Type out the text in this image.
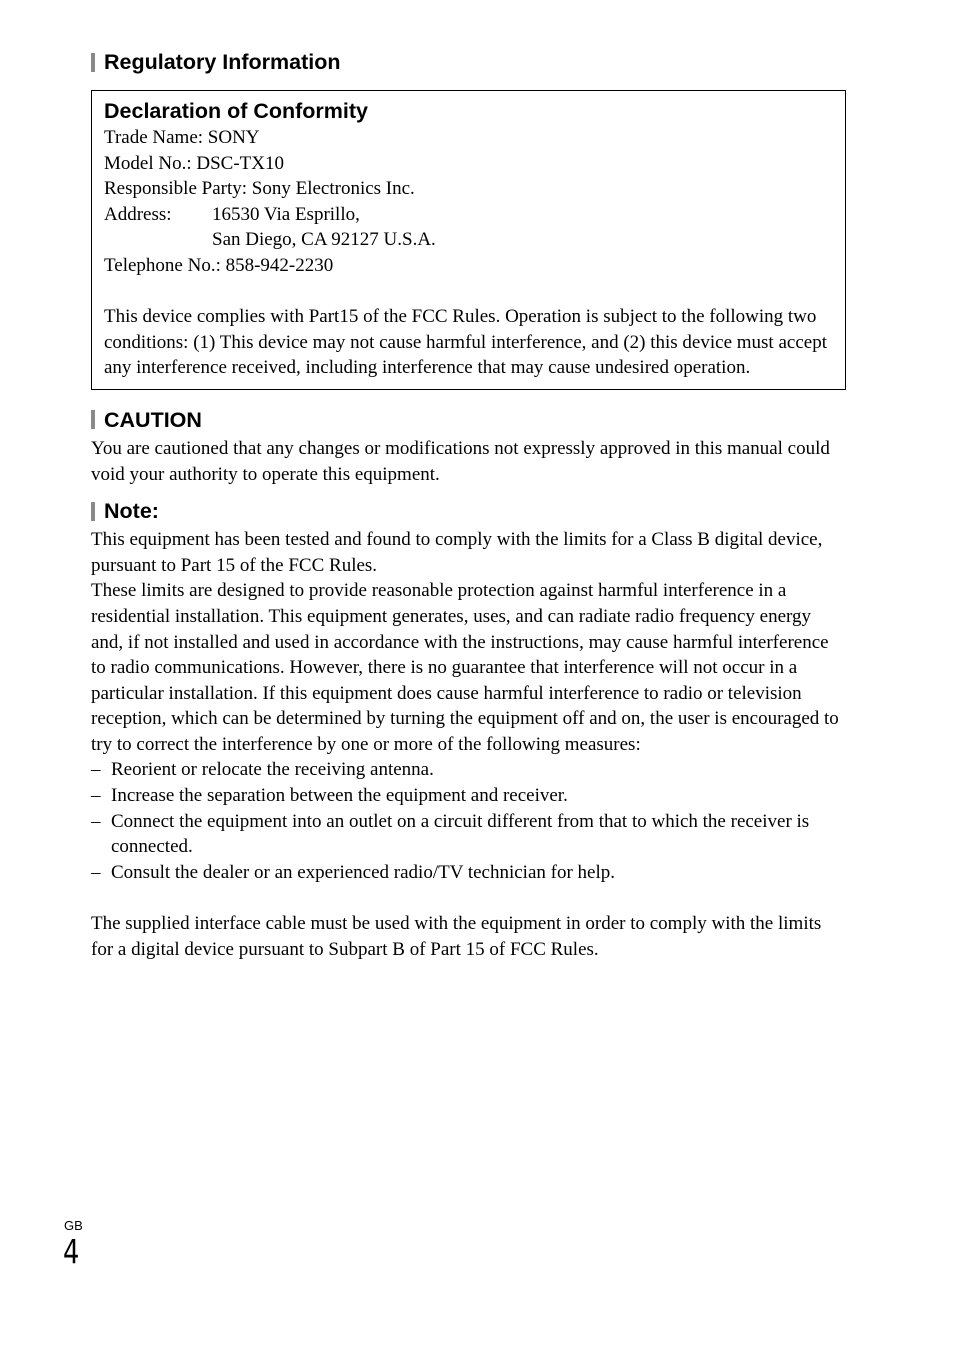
Regulatory Information
Declaration of Conformity

Trade Name: SONY

Model No.: DSC-TX10

Responsible Party: Sony Electronics Inc.

Address:	16530 Via Esprillo,
San Diego, CA 92127 U.S.A.

Telephone No.: 858-942-2230

This device complies with Part15 of the FCC Rules. Operation is subject to the following two conditions: (1) This device may not cause harmful interference, and (2) this device must accept any interference received, including interference that may cause undesired operation.

CAUTION

You are cautioned that any changes or modifications not expressly approved in this manual could void your authority to operate this equipment.

Note:

This equipment has been tested and found to comply with the limits for a Class B digital device, pursuant to Part 15 of the FCC Rules.

These limits are designed to provide reasonable protection against harmful interference in a residential installation. This equipment generates, uses, and can radiate radio frequency energy and, if not installed and used in accordance with the instructions, may cause harmful interference to radio communications. However, there is no guarantee that interference will not occur in a particular installation. If this equipment does cause harmful interference to radio or television reception, which can be determined by turning the equipment off and on, the user is encouraged to try to correct the interference by one or more of the following measures:

– Reorient or relocate the receiving antenna.
– Increase the separation between the equipment and receiver.
– Connect the equipment into an outlet on a circuit different from that to which the receiver is connected.
– Consult the dealer or an experienced radio/TV technician for help.

The supplied interface cable must be used with the equipment in order to comply with the limits for a digital device pursuant to Subpart B of Part 15 of FCC Rules.

GB
4
